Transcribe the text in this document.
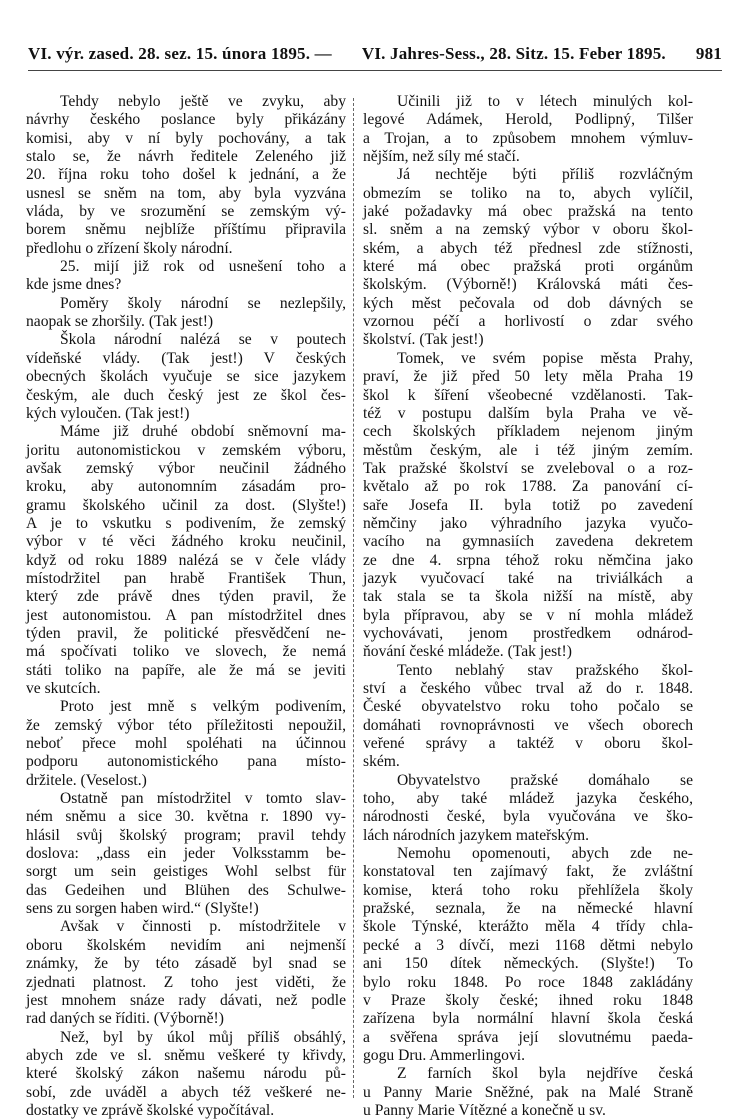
VI. výr. zased. 28. sez. 15. února 1895. — VI. Jahres-Sess., 28. Sitz. 15. Feber 1895. 981
Tehdy nebylo ještě ve zvyku, aby
návrhy českého poslance byly přikázány
komisi, aby v ní byly pochovány, a tak
stalo se, že návrh ředitele Zeleného již
20. října roku toho došel k jednání, a že
usnesl se sněm na tom, aby byla vyzvána
vláda, by ve srozumění se zemským vý-
borem sněmu nejblíže příštímu připravila
předlohu o zřízení školy národní.
25. mijí již rok od usnešení toho a
kde jsme dnes?
Poměry školy národní se nezlepšily,
naopak se zhoršily. (Tak jest!)
Škola národní nalézá se v poutech
vídeňské vlády. (Tak jest!) V českých
obecných školách vyučuje se sice jazykem
českým, ale duch český jest ze škol čes-
kých vyloučen. (Tak jest!)
Máme již druhé období sněmovní ma-
joritu autonomistickou v zemském výboru,
avšak zemský výbor neučinil žádného
kroku, aby autonomním zásadám pro-
gramu školského učinil za dost. (Slyšte!)
A je to vskutku s podivením, že zemský
výbor v té věci žádného kroku neučinil,
když od roku 1889 nalézá se v čele vlády
místodržitel pan hrabě František Thun,
který zde právě dnes týden pravil, že
jest autonomistou. A pan místodržitel dnes
týden pravil, že politické přesvědčení ne-
má spočívati toliko ve slovech, že nemá
státi toliko na papíře, ale že má se jeviti
ve skutcích.
Proto jest mně s velkým podivením,
že zemský výbor této příležitosti nepoužil,
neboť přece mohl spoléhati na účinnou
podporu autonomistického pana místo-
držitele. (Veselost.)
Ostatně pan místodržitel v tomto slav-
ném sněmu a sice 30. května r. 1890 vy-
hlásil svůj školský program; pravil tehdy
doslova: „dass ein jeder Volksstamm be-
sorgt um sein geistiges Wohl selbst für
das Gedeihen und Blühen des Schulwe-
sens zu sorgen haben wird.“ (Slyšte!)
Avšak v činnosti p. místodržitele v
oboru školském nevidím ani nejmenší
známky, že by této zásadě byl snad se
zjednati platnost. Z toho jest viděti, že
jest mnohem snáze rady dávati, než podle
rad daných se říditi. (Výborně!)
Než, byl by úkol můj příliš obsáhlý,
abych zde ve sl. sněmu veškeré ty křivdy,
které školský zákon našemu národu pů-
sobí, zde uváděl a abych též veškeré ne-
dostatky ve zprávě školské vypočítával.
Učinili již to v létech minulých kol-
legové Adámek, Herold, Podlipný, Tilšer
a Trojan, a to způsobem mnohem výmluv-
nějším, než síly mé stačí.
Já nechtěje býti příliš rozvláčným
obmezím se toliko na to, abych vylíčil,
jaké požadavky má obec pražská na tento
sl. sněm a na zemský výbor v oboru škol-
ském, a abych též přednesl zde stížnosti,
které má obec pražská proti orgánům
školským. (Výborně!) Královská máti čes-
kých měst pečovala od dob dávných se
vzornou péčí a horlivostí o zdar svého
školství. (Tak jest!)
Tomek, ve svém popise města Prahy,
praví, že již před 50 lety měla Praha 19
škol k šíření všeobecné vzdělanosti. Tak-
též v postupu dalším byla Praha ve vě-
cech školských příkladem nejenom jiným
městům českým, ale i též jiným zemím.
Tak pražské školství se zveleboval o a roz-
květalo až po rok 1788. Za panování cí-
saře Josefa II. byla totiž po zavedení
němčiny jako výhradního jazyka vyučo-
vacího na gymnasiích zavedena dekretem
ze dne 4. srpna téhož roku němčina jako
jazyk vyučovací také na triviálkách a
tak stala se ta škola nižší na místě, aby
byla přípravou, aby se v ní mohla mládež
vychovávati, jenom prostředkem odnárod-
ňování české mládeže. (Tak jest!)
Tento neblahý stav pražského škol-
ství a českého vůbec trval až do r. 1848.
České obyvatelstvo roku toho počalo se
domáhati rovnoprávnosti ve všech oborech
veřené správy a taktéž v oboru škol-
ském.
Obyvatelstvo pražské domáhalo se
toho, aby také mládež jazyka českého,
národnosti české, byla vyučována ve ško-
lách národních jazykem mateřským.
Nemohu opomenouti, abych zde ne-
konstatoval ten zajímavý fakt, že zvláštní
komise, která toho roku přehlížela školy
pražské, seznala, že na německé hlavní
škole Týnské, kterážto měla 4 třídy chla-
pecké a 3 dívčí, mezi 1168 dětmi nebylo
ani 150 dítek německých. (Slyšte!) To
bylo roku 1848. Po roce 1848 zakládány
v Praze školy české; ihned roku 1848
zařízena byla normální hlavní škola česká
a svěřena správa její slovutnému paeda-
gogu Dru. Ammerlingovi.
Z farních škol byla nejdříve česká
u Panny Marie Sněžné, pak na Malé Straně
u Panny Marie Vítězné a konečně u sv.
